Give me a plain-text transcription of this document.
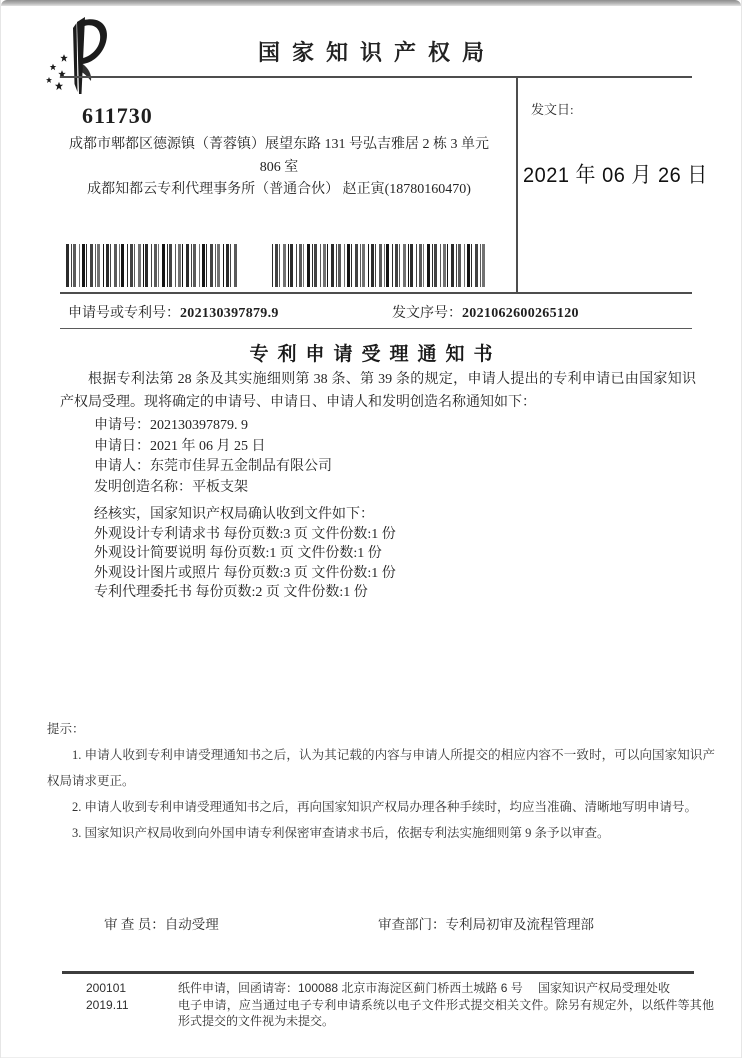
国家知识产权局
发文日:
2021 年 06 月 26 日
611730
成都市郫都区德源镇（菁蓉镇）展望东路 131 号弘吉雅居 2 栋 3 单元
806 室
成都知都云专利代理事务所（普通合伙） 赵正寅(18780160470)
申请号或专利号：202130397879.9	发文序号：2021062600265120
专利申请受理通知书
根据专利法第 28 条及其实施细则第 38 条、第 39 条的规定，申请人提出的专利申请已由国家知识产权局受理。现将确定的申请号、申请日、申请人和发明创造名称通知如下：
申请号：202130397879. 9
申请日：2021 年 06 月 25 日
申请人：东莞市佳昇五金制品有限公司
发明创造名称：平板支架
经核实，国家知识产权局确认收到文件如下：
外观设计专利请求书 每份页数:3 页 文件份数:1 份
外观设计简要说明 每份页数:1 页 文件份数:1 份
外观设计图片或照片 每份页数:3 页 文件份数:1 份
专利代理委托书 每份页数:2 页 文件份数:1 份

提示：

1. 申请人收到专利申请受理通知书之后，认为其记载的内容与申请人所提交的相应内容不一致时，可以向国家知识产权局请求更正。

2. 申请人收到专利申请受理通知书之后，再向国家知识产权局办理各种手续时，均应当准确、清晰地写明申请号。

3. 国家知识产权局收到向外国申请专利保密审查请求书后，依据专利法实施细则第 9 条予以审查。

审 查 员：自动受理	审查部门：专利局初审及流程管理部
200101	纸件申请，回函请寄：100088 北京市海淀区蓟门桥西土城路 6 号　 国家知识产权局受理处收
2019.11	电子申请，应当通过电子专利申请系统以电子文件形式提交相关文件。除另有规定外，以纸件等其他形式提交的文件视为未提交。
